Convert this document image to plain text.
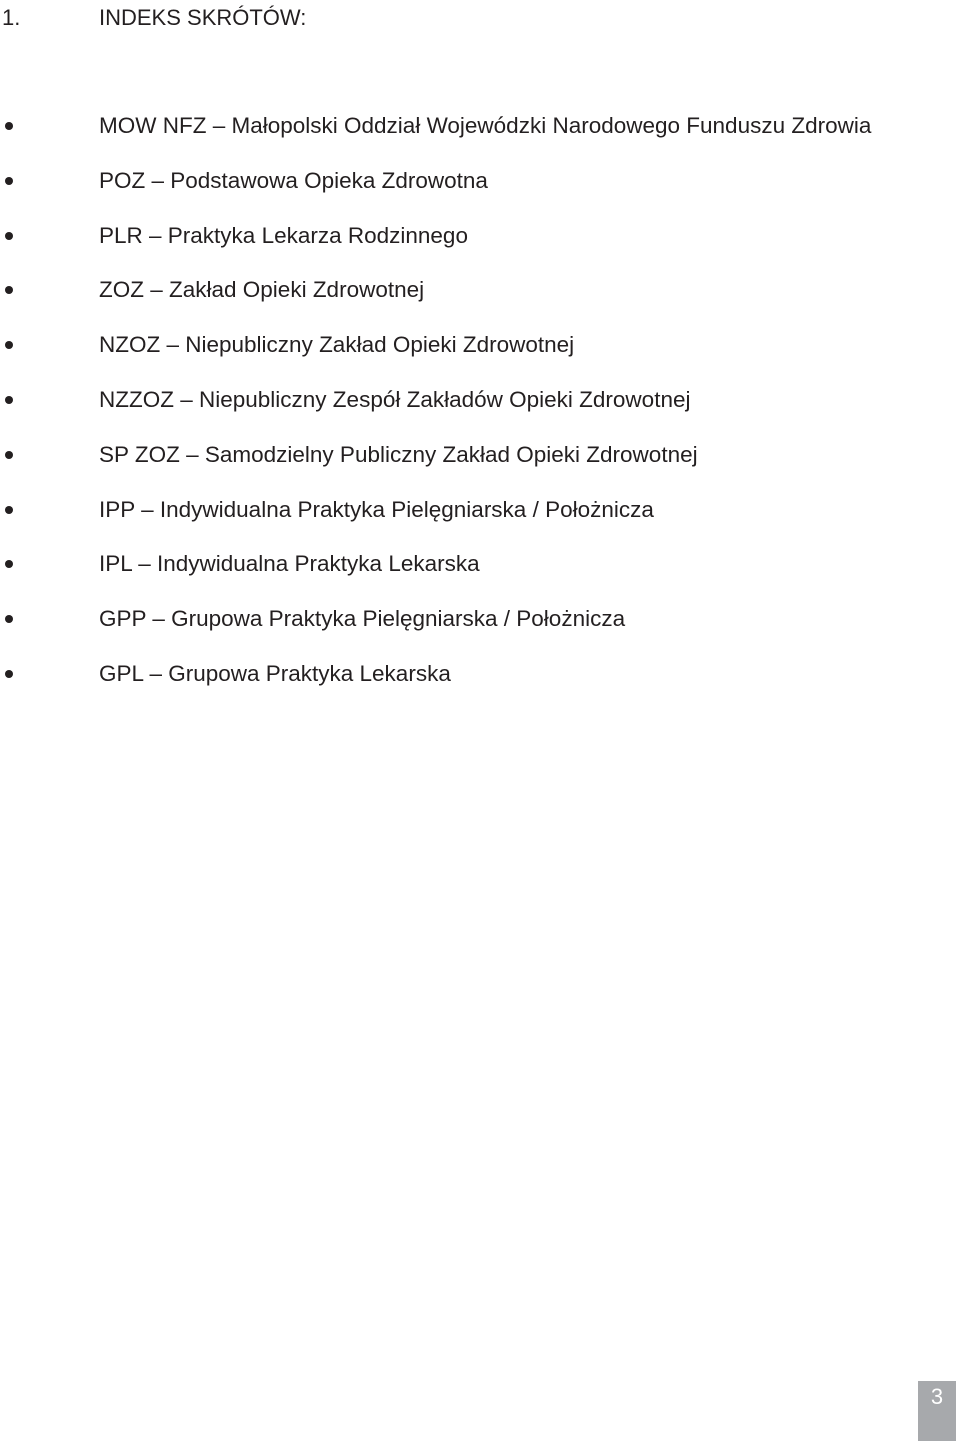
1.	INDEKS SKRÓTÓW:
MOW NFZ – Małopolski Oddział Wojewódzki Narodowego Funduszu Zdrowia
POZ – Podstawowa Opieka Zdrowotna
PLR – Praktyka Lekarza Rodzinnego
ZOZ – Zakład Opieki Zdrowotnej
NZOZ – Niepubliczny Zakład Opieki Zdrowotnej
NZZOZ – Niepubliczny Zespół Zakładów Opieki Zdrowotnej
SP ZOZ – Samodzielny Publiczny Zakład Opieki Zdrowotnej
IPP – Indywidualna Praktyka Pielęgniarska / Położnicza
IPL – Indywidualna Praktyka Lekarska
GPP – Grupowa Praktyka Pielęgniarska / Położnicza
GPL – Grupowa Praktyka Lekarska
3
